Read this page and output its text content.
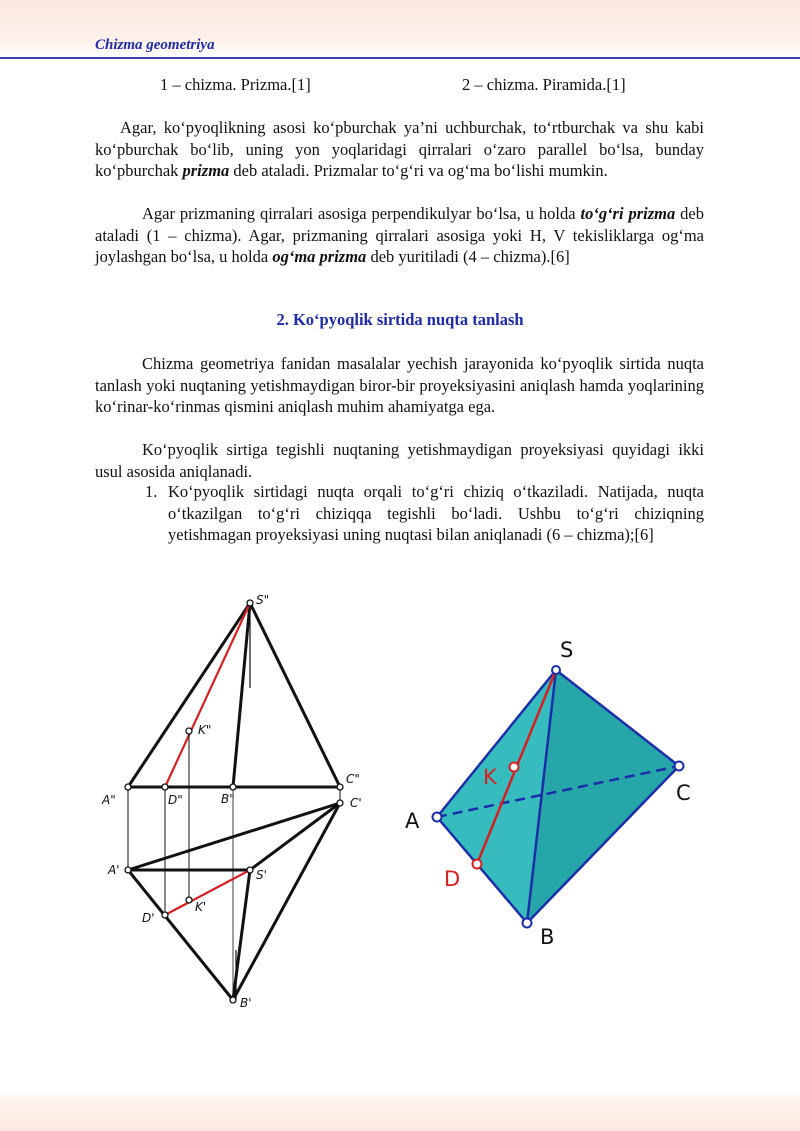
Chizma geometriya
1 – chizma. Prizma.[1]	2 – chizma. Piramida.[1]

Agar, ko‘pyoqlikning asosi ko‘pburchak ya’ni uchburchak, to‘rtburchak va shu kabi ko‘pburchak bo‘lib, uning yon yoqlaridagi qirralari o‘zaro parallel bo‘lsa, bunday ko‘pburchak prizma deb ataladi. Prizmalar to‘g‘ri va og‘ma bo‘lishi mumkin.

Agar prizmaning qirralari asosiga perpendikulyar bo‘lsa, u holda to‘g‘ri prizma deb ataladi (1 – chizma). Agar, prizmaning qirralari asosiga yoki H, V tekisliklarga og‘ma joylashgan bo‘lsa, u holda og‘ma prizma deb yuritiladi (4 – chizma).[6]

2. Ko‘pyoqlik sirtida nuqta tanlash

Chizma geometriya fanidan masalalar yechish jarayonida ko‘pyoqlik sirtida nuqta tanlash yoki nuqtaning yetishmaydigan biror-bir proyeksiyasini aniqlash hamda yoqlarining ko‘rinar-ko‘rinmas qismini aniqlash muhim ahamiyatga ega.

Ko‘pyoqlik sirtiga tegishli nuqtaning yetishmaydigan proyeksiyasi quyidagi ikki usul asosida aniqlanadi.

1. Ko‘pyoqlik sirtidagi nuqta orqali to‘g‘ri chiziq o‘tkaziladi. Natijada, nuqta o‘tkazilgan to‘g‘ri chiziqqa tegishli bo‘ladi. Ushbu to‘g‘ri chiziqning yetishmagan proyeksiyasi uning nuqtasi bilan aniqlanadi (6 – chizma);[6]
S"
K"
A"	D"	B"
C"
C'
A'	S'
K'
D'
B'
S
K
A
C
D
B
